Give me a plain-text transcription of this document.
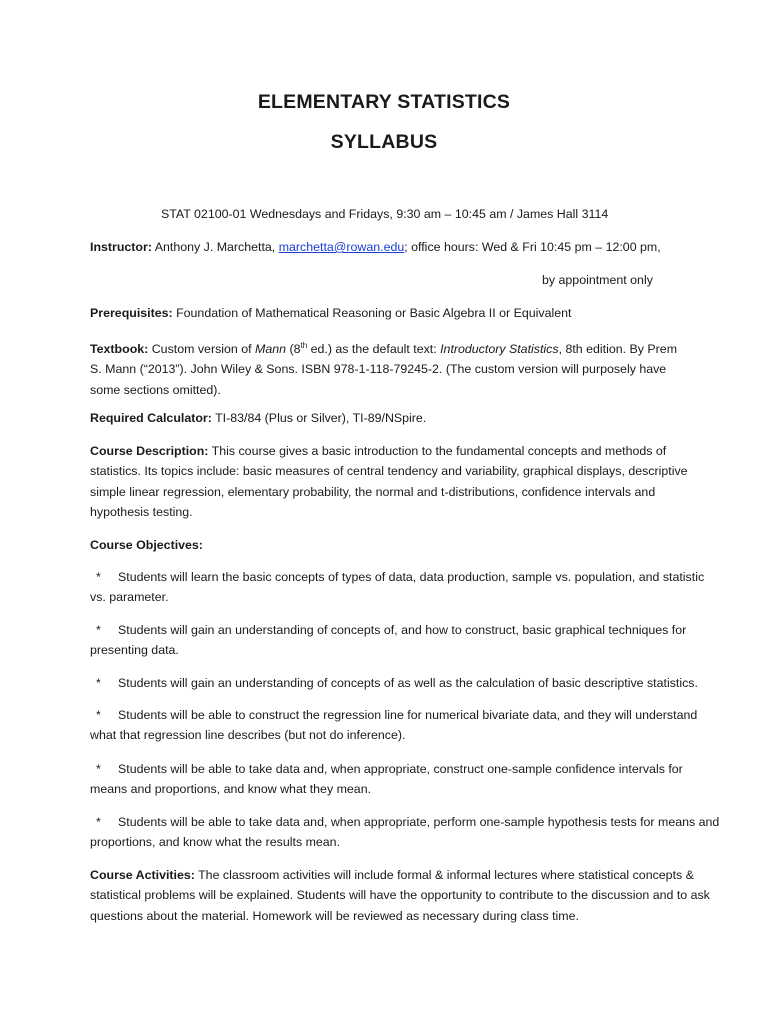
ELEMENTARY STATISTICS
SYLLABUS
STAT 02100-01 Wednesdays and Fridays, 9:30 am – 10:45 am / James Hall 3114
Instructor: Anthony J. Marchetta, marchetta@rowan.edu; office hours: Wed & Fri 10:45 pm – 12:00 pm,
by appointment only
Prerequisites: Foundation of Mathematical Reasoning or Basic Algebra II or Equivalent
Textbook: Custom version of Mann (8th ed.) as the default text: Introductory Statistics, 8th edition. By Prem S. Mann (“2013”). John Wiley & Sons. ISBN 978-1-118-79245-2. (The custom version will purposely have some sections omitted).
Required Calculator: TI-83/84 (Plus or Silver), TI-89/NSpire.
Course Description: This course gives a basic introduction to the fundamental concepts and methods of statistics. Its topics include: basic measures of central tendency and variability, graphical displays, descriptive simple linear regression, elementary probability, the normal and t-distributions, confidence intervals and hypothesis testing.
Course Objectives:
* Students will learn the basic concepts of types of data, data production, sample vs. population, and statistic vs. parameter.
* Students will gain an understanding of concepts of, and how to construct, basic graphical techniques for presenting data.
* Students will gain an understanding of concepts of as well as the calculation of basic descriptive statistics.
* Students will be able to construct the regression line for numerical bivariate data, and they will understand what that regression line describes (but not do inference).
* Students will be able to take data and, when appropriate, construct one-sample confidence intervals for means and proportions, and know what they mean.
* Students will be able to take data and, when appropriate, perform one-sample hypothesis tests for means and proportions, and know what the results mean.
Course Activities: The classroom activities will include formal & informal lectures where statistical concepts & statistical problems will be explained. Students will have the opportunity to contribute to the discussion and to ask questions about the material. Homework will be reviewed as necessary during class time.
